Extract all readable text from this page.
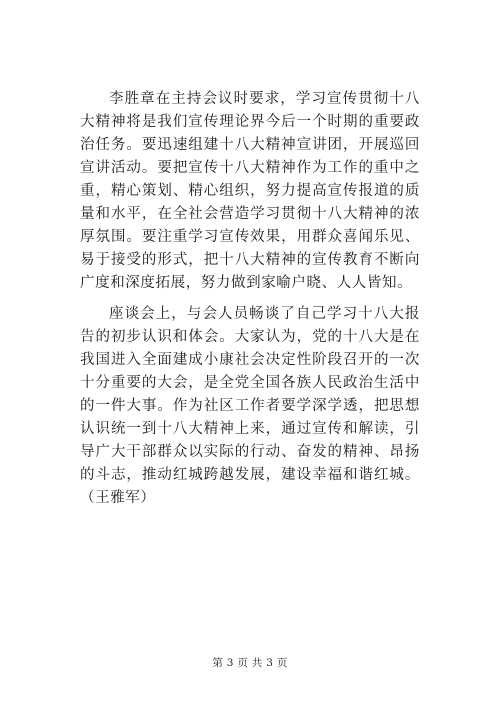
李胜章在主持会议时要求，学习宣传贯彻十八大精神将是我们宣传理论界今后一个时期的重要政治任务。要迅速组建十八大精神宣讲团，开展巡回宣讲活动。要把宣传十八大精神作为工作的重中之重，精心策划、精心组织，努力提高宣传报道的质量和水平，在全社会营造学习贯彻十八大精神的浓厚氛围。要注重学习宣传效果，用群众喜闻乐见、易于接受的形式，把十八大精神的宣传教育不断向广度和深度拓展，努力做到家喻户晓、人人皆知。

座谈会上，与会人员畅谈了自己学习十八大报告的初步认识和体会。大家认为，党的十八大是在我国进入全面建成小康社会决定性阶段召开的一次十分重要的大会，是全党全国各族人民政治生活中的一件大事。作为社区工作者要学深学透，把思想认识统一到十八大精神上来，通过宣传和解读，引导广大干部群众以实际的行动、奋发的精神、昂扬的斗志，推动红城跨越发展，建设幸福和谐红城。（王雅军）

第 3 页 共 3 页
